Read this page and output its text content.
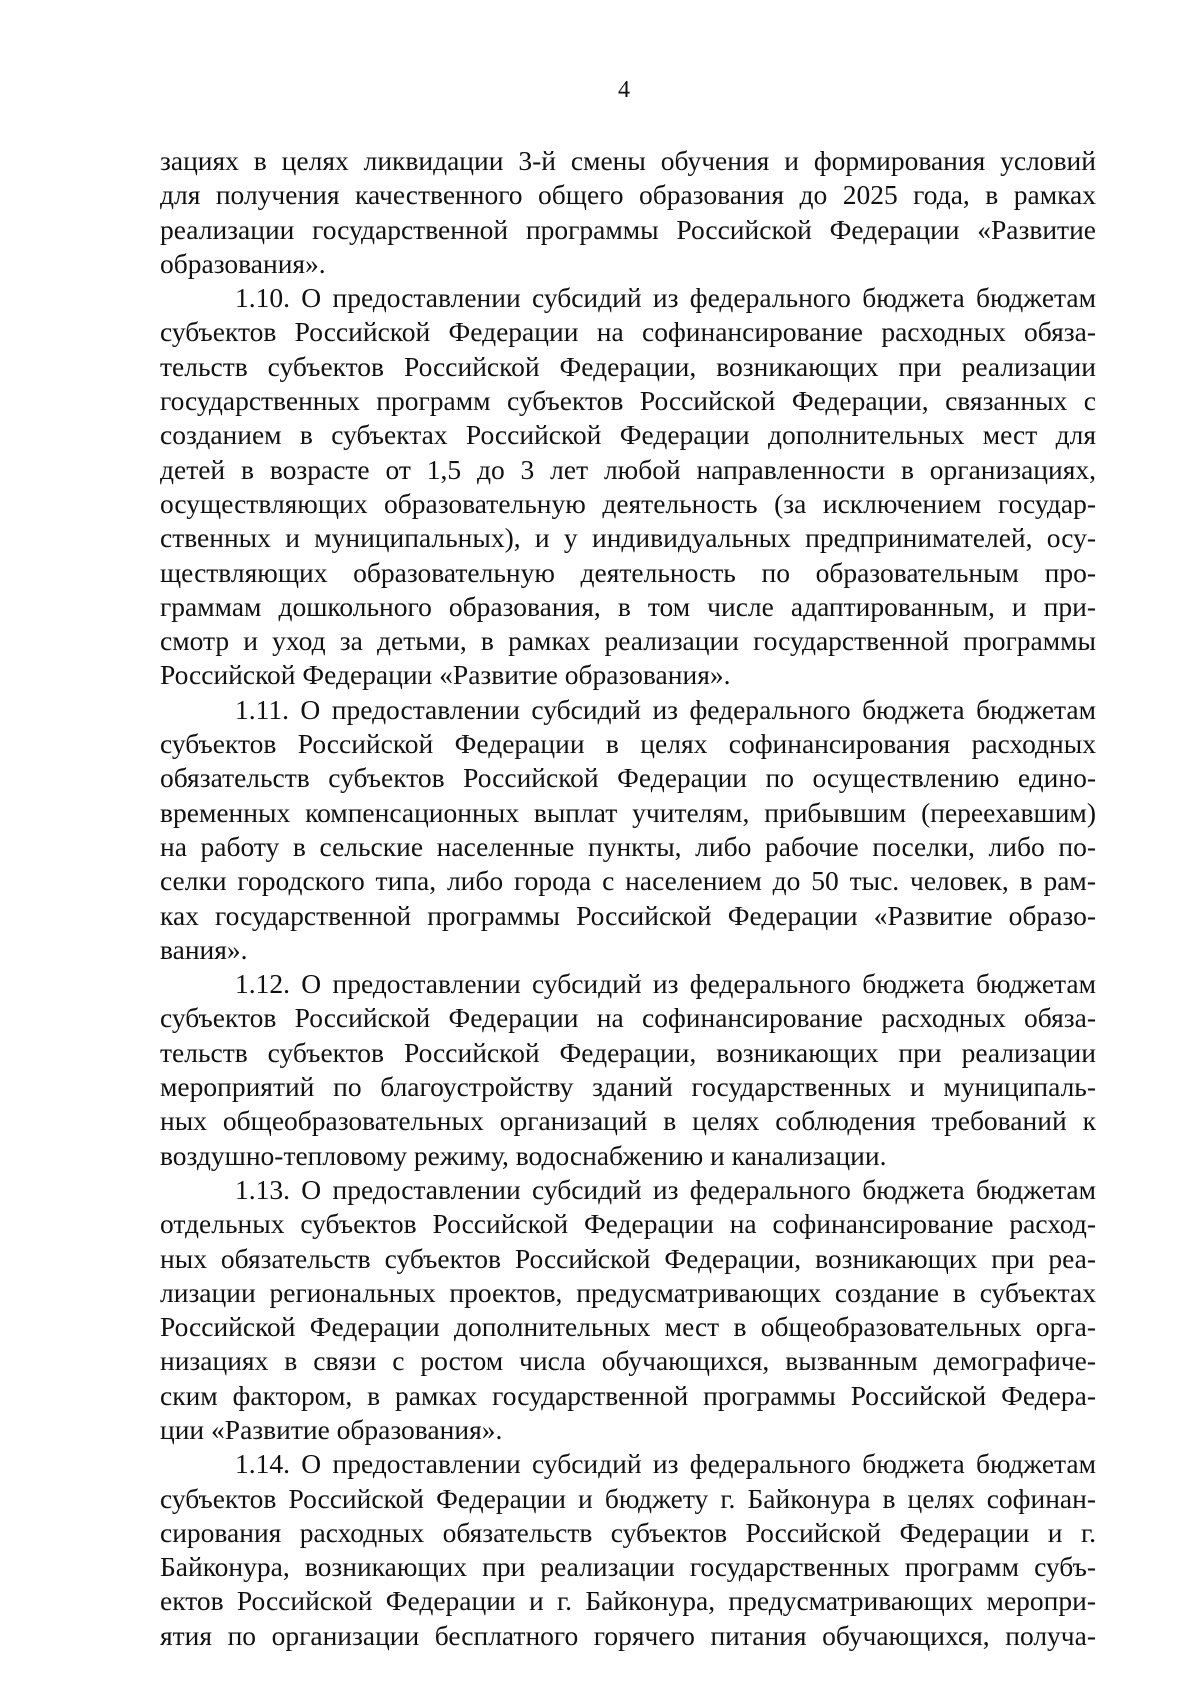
4
зациях в целях ликвидации 3-й смены обучения и формирования условий
для получения качественного общего образования до 2025 года, в рамках
реализации государственной программы Российской Федерации «Развитие
образования».
1.10. О предоставлении субсидий из федерального бюджета бюджетам
субъектов Российской Федерации на софинансирование расходных обяза-
тельств субъектов Российской Федерации, возникающих при реализации
государственных программ субъектов Российской Федерации, связанных с
созданием в субъектах Российской Федерации дополнительных мест для
детей в возрасте от 1,5 до 3 лет любой направленности в организациях,
осуществляющих образовательную деятельность (за исключением государ-
ственных и муниципальных), и у индивидуальных предпринимателей, осу-
ществляющих образовательную деятельность по образовательным про-
граммам дошкольного образования, в том числе адаптированным, и при-
смотр и уход за детьми, в рамках реализации государственной программы
Российской Федерации «Развитие образования».
1.11. О предоставлении субсидий из федерального бюджета бюджетам
субъектов Российской Федерации в целях софинансирования расходных
обязательств субъектов Российской Федерации по осуществлению едино-
временных компенсационных выплат учителям, прибывшим (переехавшим)
на работу в сельские населенные пункты, либо рабочие поселки, либо по-
селки городского типа, либо города с населением до 50 тыс. человек, в рам-
ках государственной программы Российской Федерации «Развитие образо-
вания».
1.12. О предоставлении субсидий из федерального бюджета бюджетам
субъектов Российской Федерации на софинансирование расходных обяза-
тельств субъектов Российской Федерации, возникающих при реализации
мероприятий по благоустройству зданий государственных и муниципаль-
ных общеобразовательных организаций в целях соблюдения требований к
воздушно-тепловому режиму, водоснабжению и канализации.
1.13. О предоставлении субсидий из федерального бюджета бюджетам
отдельных субъектов Российской Федерации на софинансирование расход-
ных обязательств субъектов Российской Федерации, возникающих при реа-
лизации региональных проектов, предусматривающих создание в субъектах
Российской Федерации дополнительных мест в общеобразовательных орга-
низациях в связи с ростом числа обучающихся, вызванным демографиче-
ским фактором, в рамках государственной программы Российской Федера-
ции «Развитие образования».
1.14. О предоставлении субсидий из федерального бюджета бюджетам
субъектов Российской Федерации и бюджету г. Байконура в целях софинан-
сирования расходных обязательств субъектов Российской Федерации и г.
Байконура, возникающих при реализации государственных программ субъ-
ектов Российской Федерации и г. Байконура, предусматривающих меропри-
ятия по организации бесплатного горячего питания обучающихся, получа-
